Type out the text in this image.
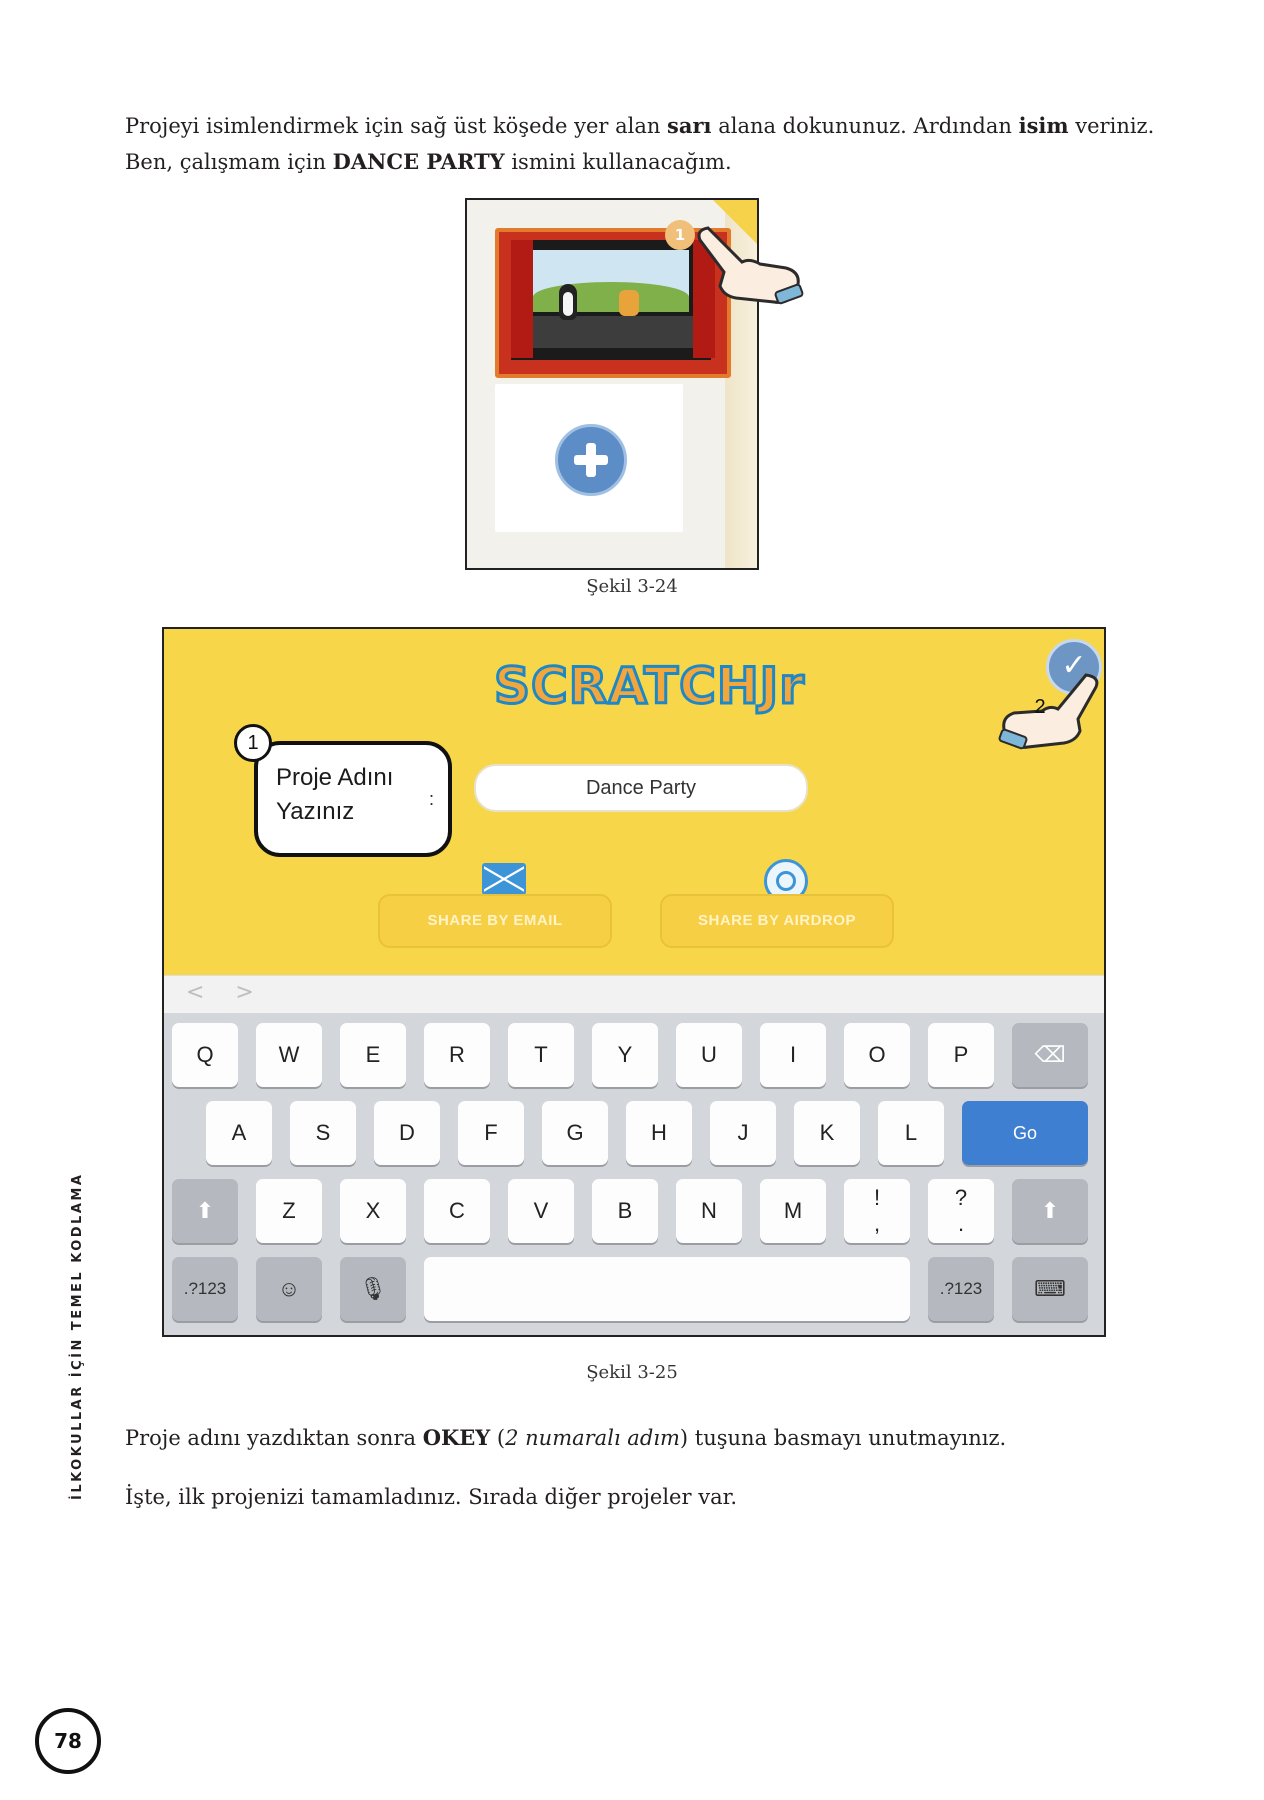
Projeyi isimlendirmek için sağ üst köşede yer alan sarı alana dokununuz. Ardından isim veriniz. Ben, çalışmam için DANCE PARTY ismini kullanacağım.
1
Şekil 3-24
SCRATCHJr	✓
2
Proje Adını
Yazınız	:
1
Dance Party
SHARE BY EMAIL	SHARE BY AIRDROP
< >
Q	W	E	R	T	Y	U	I	O	P	⌫
A	S	D	F	G	H	J	K	L	Go
⬆	Z	X	C	V	B	N	M
!
,
?
.
⬆
.?123	☺	🎙	.?123	⌨
Şekil 3-25
Proje adını yazdıktan sonra OKEY (2 numaralı adım) tuşuna basmayı unutmayınız.
İşte, ilk projenizi tamamladınız. Sırada diğer projeler var.
İLKOKULLAR İÇİN TEMEL KODLAMA
78
